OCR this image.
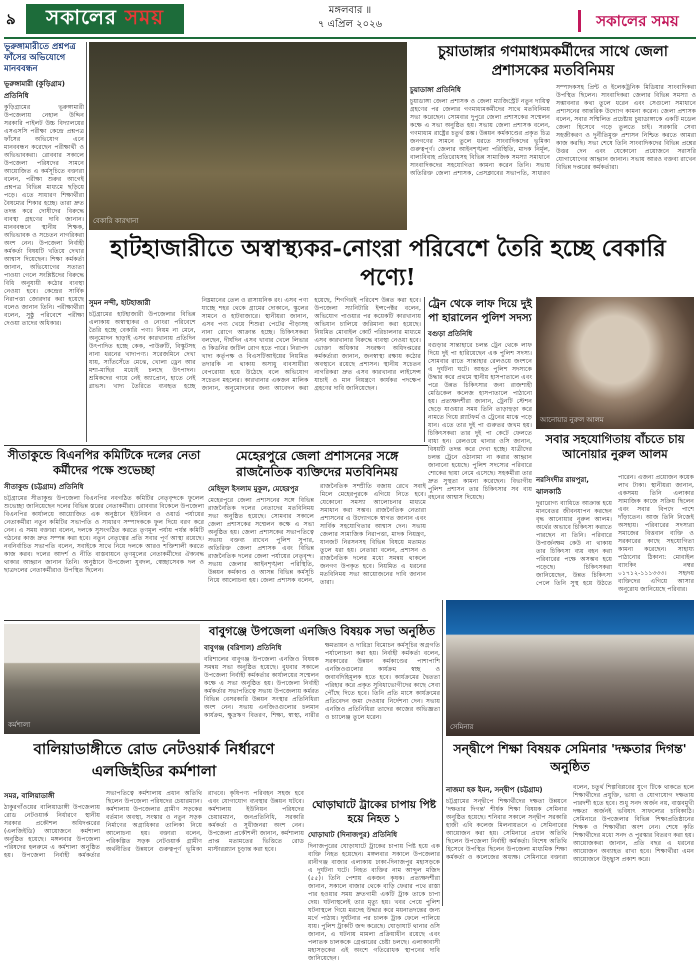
৯	সকালের
সময়	মঙ্গলবার ॥
৭ এপ্রিল ২০২৬	সকালের সময়
ভূরুঙ্গামারীতে প্রশ্নপত্র ফাঁসের অভিযোগে মানববন্ধন
ভূরুঙ্গামারী (কুড়িগ্রাম) প্রতিনিধি
কুড়িগ্রামের ভূরুঙ্গামারী উপজেলায় নেহাল উদ্দিন সরকারি পাইলট উচ্চ বিদ্যালয়ের এসএসসি পরীক্ষা কেন্দ্রে প্রশ্নপত্র ফাঁসের অভিযোগ এনে মানববন্ধন করেছেন পরীক্ষার্থী ও অভিভাবকরা। রোববার সকালে উপজেলা পরিষদের সামনে আয়োজিত এ কর্মসূচিতে বক্তারা বলেন, পরীক্ষা শুরুর আগেই প্রশ্নপত্র বিভিন্ন মাধ্যমে ছড়িয়ে পড়ে। এতে সাধারণ শিক্ষার্থীরা বৈষম্যের শিকার হচ্ছে। তারা দ্রুত তদন্ত করে দোষীদের বিরুদ্ধে ব্যবস্থা গ্রহণের দাবি জানান। মানববন্ধনে স্থানীয় শিক্ষক, অভিভাবক ও সচেতন নাগরিকরা অংশ নেন। উপজেলা নির্বাহী কর্মকর্তা বিষয়টি খতিয়ে দেখার আশ্বাস দিয়েছেন। শিক্ষা কর্মকর্তা জানান, অভিযোগের সত্যতা পাওয়া গেলে সংশ্লিষ্টদের বিরুদ্ধে বিধি অনুযায়ী কঠোর ব্যবস্থা নেওয়া হবে। কেন্দ্রের সার্বিক নিরাপত্তা জোরদার করা হয়েছে বলেও জানান তিনি। পরীক্ষার্থীরা বলেন, সুষ্ঠু পরিবেশে পরীক্ষা দেওয়া তাদের অধিকার।
বেকারি কারখানা
হাটহাজারীতে অস্বাস্থ্যকর-নোংরা পরিবেশে তৈরি হচ্ছে বেকারি পণ্যে!
চুয়াডাঙ্গার গণমাধ্যমকর্মীদের সাথে জেলা প্রশাসকের মতবিনিময়
চুয়াডাঙ্গা প্রতিনিধি
চুয়াডাঙ্গা জেলা প্রশাসক ও জেলা ম্যাজিস্ট্রেট নতুন দায়িত্ব গ্রহণের পর জেলার গণমাধ্যমকর্মীদের সাথে মতবিনিময় সভা করেছেন। সোমবার দুপুরে জেলা প্রশাসকের সম্মেলন কক্ষে এ সভা অনুষ্ঠিত হয়। সভায় জেলা প্রশাসক বলেন, গণমাধ্যম রাষ্ট্রের চতুর্থ স্তম্ভ। উন্নয়ন কর্মকাণ্ডের প্রকৃত চিত্র জনগণের সামনে তুলে ধরতে সাংবাদিকদের ভূমিকা গুরুত্বপূর্ণ। জেলার আইনশৃঙ্খলা পরিস্থিতি, মাদক নির্মূল, বাল্যবিবাহ প্রতিরোধসহ বিভিন্ন সামাজিক সমস্যা সমাধানে সাংবাদিকদের সহযোগিতা কামনা করেন তিনি। সভায় অতিরিক্ত জেলা প্রশাসক, প্রেসক্লাবের সভাপতি, সাধারণ সম্পাদকসহ প্রিন্ট ও ইলেকট্রনিক মিডিয়ার সাংবাদিকরা উপস্থিত ছিলেন। সাংবাদিকরা জেলার বিভিন্ন সমস্যা ও সম্ভাবনার কথা তুলে ধরেন এবং সেগুলো সমাধানে প্রশাসনের আন্তরিক উদ্যোগ কামনা করেন। জেলা প্রশাসক বলেন, সবার সম্মিলিত প্রচেষ্টায় চুয়াডাঙ্গাকে একটি মডেল জেলা হিসেবে গড়ে তুলতে চাই। সরকারি সেবা সহজীকরণ ও দুর্নীতিমুক্ত প্রশাসন নিশ্চিত করতে আমরা কাজ করছি। সভা শেষে তিনি সাংবাদিকদের বিভিন্ন প্রশ্নের উত্তর দেন এবং যেকোনো প্রয়োজনে সরাসরি যোগাযোগের আহ্বান জানান। সভায় আরও বক্তব্য রাখেন বিভিন্ন দপ্তরের কর্মকর্তারা।
সুমন নন্দী, হাটহাজারী
চট্টগ্রামের হাটহাজারী উপজেলার বিভিন্ন এলাকায় অস্বাস্থ্যকর ও নোংরা পরিবেশে তৈরি হচ্ছে বেকারি পণ্য। নিয়ম না মেনে, অনুমোদন ছাড়াই এসব কারখানায় প্রতিদিন উৎপাদিত হচ্ছে কেক, পাউরুটি, বিস্কুটসহ নানা ধরনের খাদ্যপণ্য। সরেজমিনে দেখা যায়, স্যাঁতসেঁতে মেঝে, খোলা ড্রেন আর মশা-মাছির মধ্যেই চলছে উৎপাদন। শ্রমিকদের গায়ে নেই অ্যাপ্রোন, হাতে নেই গ্লাভস। খাদ্য তৈরিতে ব্যবহৃত হচ্ছে নিম্নমানের তেল ও রাসায়নিক রং। এসব পণ্য যাচ্ছে শহর থেকে গ্রামের দোকানে, স্কুলের সামনে ও হাটবাজারে। স্থানীয়রা জানান, এসব পণ্য খেয়ে শিশুরা পেটের পীড়াসহ নানা রোগে আক্রান্ত হচ্ছে। চিকিৎসকরা বলছেন, দীর্ঘদিন এসব খাবার খেলে লিভার ও কিডনির জটিল রোগ হতে পারে। নিরাপদ খাদ্য কর্তৃপক্ষ ও বিএসটিআইয়ের নিয়মিত তদারকি না থাকায় অসাধু ব্যবসায়ীরা বেপরোয়া হয়ে উঠেছে বলে অভিযোগ সচেতন মহলের। কারখানার একজন মালিক জানান, অনুমোদনের জন্য আবেদন করা হয়েছে, শিগগিরই পরিবেশ উন্নত করা হবে। উপজেলা স্যানিটারি ইন্সপেক্টর বলেন, অভিযোগ পাওয়ার পর কয়েকটি কারখানায় অভিযান চালিয়ে জরিমানা করা হয়েছে। নিয়মিত মোবাইল কোর্ট পরিচালনার মাধ্যমে এসব কারখানার বিরুদ্ধে ব্যবস্থা নেওয়া হবে। ভোক্তা অধিকার সংরক্ষণ অধিদপ্তরের কর্মকর্তারা জানান, জনস্বাস্থ্য রক্ষায় কঠোর অবস্থানে রয়েছে প্রশাসন। স্থানীয় সচেতন নাগরিকরা দ্রুত এসব কারখানার লাইসেন্স যাচাই ও মান নিয়ন্ত্রণে কার্যকর পদক্ষেপ গ্রহণের দাবি জানিয়েছেন।
ট্রেন থেকে লাফ দিয়ে দুই পা হারালেন পুলিশ সদস্য
বগুড়া প্রতিনিধি
বগুড়ার সান্তাহারে চলন্ত ট্রেন থেকে লাফ দিয়ে দুই পা হারিয়েছেন এক পুলিশ সদস্য। সোমবার রাতে সান্তাহার রেলওয়ে জংশনে এ দুর্ঘটনা ঘটে। আহত পুলিশ সদস্যকে উদ্ধার করে প্রথমে স্থানীয় হাসপাতালে এবং পরে উন্নত চিকিৎসার জন্য রাজশাহী মেডিকেল কলেজ হাসপাতালে পাঠানো হয়। প্রত্যক্ষদর্শীরা জানান, ট্রেনটি স্টেশন ছেড়ে যাওয়ার সময় তিনি তাড়াহুড়া করে নামতে গিয়ে প্ল্যাটফর্ম ও ট্রেনের মাঝে পড়ে যান। এতে তার দুই পা গুরুতর জখম হয়। চিকিৎসকরা তার দুই পা কেটে ফেলতে বাধ্য হন। রেলওয়ে থানার ওসি জানান, বিষয়টি তদন্ত করে দেখা হচ্ছে। যাত্রীদের চলন্ত ট্রেনে ওঠানামা না করার আহ্বান জানানো হয়েছে। পুলিশ সদস্যের পরিবারে শোকের ছায়া নেমে এসেছে। সহকর্মীরা তার দ্রুত সুস্থতা কামনা করেছেন। বিভাগীয় পুলিশ প্রশাসন তার চিকিৎসার সব ব্যয় বহনের আশ্বাস দিয়েছে।
আনোয়ার নুরুল আলম
সবার সহযোগিতায় বাঁচতে চায় আনোয়ার নুরুল আলম
নরসিংদীর রায়পুরা, ঝালকাঠি
দুরারোগ্য ব্যাধিতে আক্রান্ত হয়ে মানবেতর জীবনযাপন করছেন বৃদ্ধ আনোয়ার নুরুল আলম। অর্থের অভাবে চিকিৎসা করাতে পারছেন না তিনি। পরিবারে উপার্জনক্ষম কেউ না থাকায় তার চিকিৎসা ব্যয় বহন করা পরিবারের পক্ষে অসম্ভব হয়ে পড়েছে। চিকিৎসকরা জানিয়েছেন, উন্নত চিকিৎসা পেলে তিনি সুস্থ হয়ে উঠতে পারেন। এজন্য প্রয়োজন কয়েক লাখ টাকা। স্থানীয়রা জানান, একসময় তিনি এলাকার সামাজিক কাজে সক্রিয় ছিলেন এবং সবার বিপদে পাশে দাঁড়াতেন। আজ তিনি নিজেই অসহায়। পরিবারের সদস্যরা সমাজের বিত্তবান ব্যক্তি ও সরকারের কাছে সহযোগিতা কামনা করেছেন। সাহায্য পাঠানোর ঠিকানা: মোবাইল ব্যাংকিং নম্বর ০১৭১২-১১১৩৩৩। সহৃদয় ব্যক্তিদের এগিয়ে আসার অনুরোধ জানিয়েছে পরিবার।
সীতাকুন্ডে বিএনপির কমিটিকে দলের নেতা কর্মীদের পক্ষে শুভেচ্ছা
সীতাকুন্ড (চট্টগ্রাম) প্রতিনিধি
চট্টগ্রামের সীতাকুন্ড উপজেলা বিএনপির নবগঠিত কমিটির নেতৃবৃন্দকে ফুলেল শুভেচ্ছা জানিয়েছেন দলের বিভিন্ন স্তরের নেতাকর্মীরা। রোববার বিকেলে উপজেলা বিএনপির কার্যালয়ে আয়োজিত এক অনুষ্ঠানে ইউনিয়ন ও ওয়ার্ড পর্যায়ের নেতাকর্মীরা নতুন কমিটির সভাপতি ও সাধারণ সম্পাদককে ফুল দিয়ে বরণ করে নেন। এ সময় বক্তারা বলেন, দলকে সুসংগঠিত করতে তৃণমূল পর্যায় পর্যন্ত কমিটি গঠনের কাজ দ্রুত সম্পন্ন করা হবে। নতুন নেতৃত্বের প্রতি সবার পূর্ণ আস্থা রয়েছে। নবনির্বাচিত সভাপতি বলেন, সবাইকে সাথে নিয়ে দলকে আরও শক্তিশালী করতে কাজ করব। দলের আদর্শ ও নীতি বাস্তবায়নে তৃণমূলের নেতাকর্মীদের ঐক্যবদ্ধ থাকার আহ্বান জানান তিনি। অনুষ্ঠানে উপজেলা যুবদল, স্বেচ্ছাসেবক দল ও ছাত্রদলের নেতাকর্মীরাও উপস্থিত ছিলেন।
মেহেরপুরে জেলা প্রশাসনের সঙ্গে রাজনৈতিক ব্যক্তিদের মতবিনিময়
মেহিদুল ইসলাম মুকুল, মেহেরপুর
মেহেরপুরে জেলা প্রশাসনের সঙ্গে বিভিন্ন রাজনৈতিক দলের নেতাদের মতবিনিময় সভা অনুষ্ঠিত হয়েছে। সোমবার সকালে জেলা প্রশাসকের সম্মেলন কক্ষে এ সভা অনুষ্ঠিত হয়। জেলা প্রশাসকের সভাপতিত্বে সভায় বক্তব্য রাখেন পুলিশ সুপার, অতিরিক্ত জেলা প্রশাসক এবং বিভিন্ন রাজনৈতিক দলের জেলা পর্যায়ের নেতৃবৃন্দ। সভায় জেলার আইনশৃঙ্খলা পরিস্থিতি, উন্নয়ন কর্মকাণ্ড ও আসন্ন বিভিন্ন কর্মসূচি নিয়ে আলোচনা হয়। জেলা প্রশাসক বলেন, রাজনৈতিক সম্প্রীতি বজায় রেখে সবাই মিলে মেহেরপুরকে এগিয়ে নিতে হবে। যেকোনো সমস্যা আলোচনার মাধ্যমে সমাধান করা সম্ভব। রাজনৈতিক নেতারা প্রশাসনের এ উদ্যোগকে স্বাগত জানান এবং সার্বিক সহযোগিতার আশ্বাস দেন। সভায় জেলার সামাজিক নিরাপত্তা, মাদক নিয়ন্ত্রণ, যানজট নিরসনসহ বিভিন্ন বিষয়ে মতামত তুলে ধরা হয়। নেতারা বলেন, প্রশাসন ও রাজনৈতিক দলের মধ্যে সমন্বয় থাকলে জনগণ উপকৃত হবে। নিয়মিত এ ধরনের মতবিনিময় সভা আয়োজনের দাবি জানান তারা।
কর্মশালা
বালিয়াডাঙ্গীতে রোড নেটওয়ার্ক নির্ধারণে এলজিইডির কর্মশালা
সমর, বালিয়াডাঙ্গী
ঠাকুরগাঁওয়ের বালিয়াডাঙ্গী উপজেলায় রোড নেটওয়ার্ক নির্ধারণে স্থানীয় সরকার প্রকৌশল অধিদপ্তরের (এলজিইডি) আয়োজনে কর্মশালা অনুষ্ঠিত হয়েছে। মঙ্গলবার উপজেলা পরিষদের হলরুমে এ কর্মশালা অনুষ্ঠিত হয়। উপজেলা নির্বাহী কর্মকর্তার সভাপতিত্বে কর্মশালায় প্রধান অতিথি ছিলেন উপজেলা পরিষদের চেয়ারম্যান। কর্মশালায় উপজেলার গ্রামীণ সড়কের বর্তমান অবস্থা, সংস্কার ও নতুন সড়ক নির্মাণের অগ্রাধিকার তালিকা নিয়ে আলোচনা হয়। বক্তারা বলেন, পরিকল্পিত সড়ক নেটওয়ার্ক গ্রামীণ অর্থনীতির উন্নয়নে গুরুত্বপূর্ণ ভূমিকা রাখবে। কৃষিপণ্য পরিবহন সহজ হবে এবং যোগাযোগ ব্যবস্থার উন্নয়ন ঘটবে। কর্মশালায় ইউনিয়ন পরিষদের চেয়ারম্যান, জনপ্রতিনিধি, সরকারি কর্মকর্তা ও সুধীজনরা অংশ নেন। উপজেলা প্রকৌশলী জানান, কর্মশালায় প্রাপ্ত মতামতের ভিত্তিতে রোড মাস্টারপ্ল্যান চূড়ান্ত করা হবে।
বাবুগঞ্জে উপজেলা এনজিও বিষয়ক সভা অনুষ্ঠিত
বাবুগঞ্জ (বরিশাল) প্রতিনিধি
বরিশালের বাবুগঞ্জ উপজেলা এনজিও বিষয়ক সমন্বয় সভা অনুষ্ঠিত হয়েছে। বুধবার সকালে উপজেলা নির্বাহী কর্মকর্তার কার্যালয়ের সম্মেলন কক্ষে এ সভা অনুষ্ঠিত হয়। উপজেলা নির্বাহী কর্মকর্তার সভাপতিত্বে সভায় উপজেলায় কর্মরত বিভিন্ন বেসরকারি উন্নয়ন সংস্থার প্রতিনিধিরা অংশ নেন। সভায় এনজিওগুলোর চলমান কার্যক্রম, ক্ষুদ্রঋণ বিতরণ, শিক্ষা, স্বাস্থ্য, নারীর ক্ষমতায়ন ও দারিদ্র্য বিমোচন কর্মসূচির অগ্রগতি পর্যালোচনা করা হয়। নির্বাহী কর্মকর্তা বলেন, সরকারের উন্নয়ন কর্মকাণ্ডের পাশাপাশি এনজিওগুলোর কার্যক্রম স্বচ্ছ ও জবাবদিহিমূলক হতে হবে। কার্যক্রমের দ্বৈততা পরিহার করে প্রকৃত সুবিধাভোগীদের কাছে সেবা পৌঁছে দিতে হবে। তিনি প্রতি মাসে কার্যক্রমের প্রতিবেদন জমা দেওয়ার নির্দেশনা দেন। সভায় এনজিও প্রতিনিধিরা তাদের কাজের অভিজ্ঞতা ও চ্যালেঞ্জ তুলে ধরেন।
ঘোড়াঘাটে ট্রাকের চাপায় পিষ্ট হয়ে নিহত ১
ঘোড়াঘাট (দিনাজপুর) প্রতিনিধি
দিনাজপুরের ঘোড়াঘাটে ট্রাকের চাপায় পিষ্ট হয়ে এক ব্যক্তি নিহত হয়েছেন। মঙ্গলবার সকালে উপজেলার রানীগঞ্জ বাজার এলাকায় ঢাকা-দিনাজপুর মহাসড়কে এ দুর্ঘটনা ঘটে। নিহত ব্যক্তির নাম আব্দুল মজিদ (৫৫)। তিনি পেশায় একজন কৃষক। প্রত্যক্ষদর্শীরা জানান, সকালে বাজার থেকে বাড়ি ফেরার পথে রাস্তা পার হওয়ার সময় দ্রুতগামী একটি ট্রাক তাকে চাপা দেয়। ঘটনাস্থলেই তার মৃত্যু হয়। খবর পেয়ে পুলিশ ঘটনাস্থলে গিয়ে মরদেহ উদ্ধার করে ময়নাতদন্তের জন্য মর্গে পাঠায়। দুর্ঘটনার পর চালক ট্রাক ফেলে পালিয়ে যায়। পুলিশ ট্রাকটি জব্দ করেছে। ঘোড়াঘাট থানার ওসি জানান, এ ঘটনায় মামলা প্রক্রিয়াধীন রয়েছে এবং পলাতক চালককে গ্রেপ্তারের চেষ্টা চলছে। এলাকাবাসী মহাসড়কের এই অংশে গতিরোধক স্থাপনের দাবি জানিয়েছেন।
সেমিনার
সন্দ্বীপে শিক্ষা বিষয়ক সেমিনার 'দক্ষতার দিগন্ত' অনুষ্ঠিত
নাজমা হক ইমন, সন্দ্বীপ (চট্টগ্রাম)
চট্টগ্রামের সন্দ্বীপে শিক্ষার্থীদের দক্ষতা উন্নয়নে 'দক্ষতার দিগন্ত' শীর্ষক শিক্ষা বিষয়ক সেমিনার অনুষ্ঠিত হয়েছে। শনিবার সকালে সন্দ্বীপ সরকারি হাজী এবি কলেজ মিলনায়তনে এ সেমিনারের আয়োজন করা হয়। সেমিনারে প্রধান অতিথি ছিলেন উপজেলা নির্বাহী কর্মকর্তা। বিশেষ অতিথি হিসেবে উপস্থিত ছিলেন উপজেলা মাধ্যমিক শিক্ষা কর্মকর্তা ও কলেজের অধ্যক্ষ। সেমিনারে বক্তারা বলেন, চতুর্থ শিল্পবিপ্লবের যুগে টিকে থাকতে হলে শিক্ষার্থীদের প্রযুক্তি, ভাষা ও যোগাযোগ দক্ষতায় পারদর্শী হতে হবে। শুধু সনদ অর্জন নয়, বাস্তবমুখী দক্ষতা অর্জনই ভবিষ্যৎ সাফল্যের চাবিকাঠি। সেমিনারে উপজেলার বিভিন্ন শিক্ষাপ্রতিষ্ঠানের শিক্ষক ও শিক্ষার্থীরা অংশ নেন। শেষে কৃতি শিক্ষার্থীদের মধ্যে সনদ ও পুরস্কার বিতরণ করা হয়। আয়োজকরা জানান, প্রতি বছর এ ধরনের আয়োজন অব্যাহত রাখা হবে। শিক্ষার্থীরা এমন আয়োজনে উচ্ছ্বাস প্রকাশ করে।
